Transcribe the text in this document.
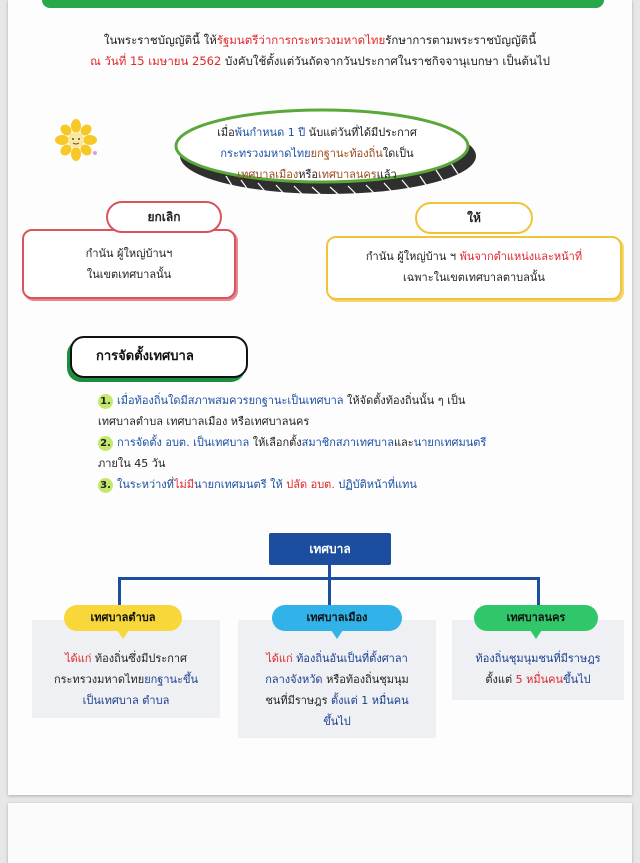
ในพระราชบัญญัตินี้ ให้รัฐมนตรีว่าการกระทรวงมหาดไทยรักษาการตามพระราชบัญญัตินี้
ณ วันที่ 15 เมษายน 2562 บังคับใช้ตั้งแต่วันถัดจากวันประกาศในราชกิจจานุเบกษา เป็นต้นไป
เมื่อพ้นกำหนด 1 ปี นับแต่วันที่ได้มีประกาศ
กระทรวงมหาดไทยยกฐานะท้องถิ่นใดเป็น
เทศบาลเมืองหรือเทศบาลนครแล้ว
กำนัน ผู้ใหญ่บ้านฯ
ในเขตเทศบาลนั้น
ยกเลิก
กำนัน ผู้ใหญ่บ้าน ฯ พ้นจากตำแหน่งและหน้าที่
เฉพาะในเขตเทศบาลตาบลนั้น
ให้
การจัดตั้งเทศบาล
1. เมื่อท้องถิ่นใดมีสภาพสมควรยกฐานะเป็นเทศบาล ให้จัดตั้งท้องถิ่นนั้น ๆ เป็น
เทศบาลตำบล เทศบาลเมือง หรือเทศบาลนคร
2. การจัดตั้ง อบต. เป็นเทศบาล ให้เลือกตั้งสมาชิกสภาเทศบาลและนายกเทศมนตรี
ภายใน 45 วัน
3. ในระหว่างที่ไม่มีนายกเทศมนตรี ให้ ปลัด อบต. ปฏิบัติหน้าที่แทน
เทศบาล
ได้แก่ ท้องถิ่นซึ่งมีประกาศ
กระทรวงมหาดไทยยกฐานะขึ้น
เป็นเทศบาล ตำบล
เทศบาลตำบล
ได้แก่ ท้องถิ่นอันเป็นที่ตั้งศาลา
กลางจังหวัด หรือท้องถิ่นชุมนุม
ชนที่มีราษฎร ตั้งแต่ 1 หมื่นคน
ขึ้นไป
เทศบาลเมือง
ท้องถิ่นชุมนุมชนที่มีราษฎร
ตั้งแต่ 5 หมื่นคนขึ้นไป
เทศบาลนคร
